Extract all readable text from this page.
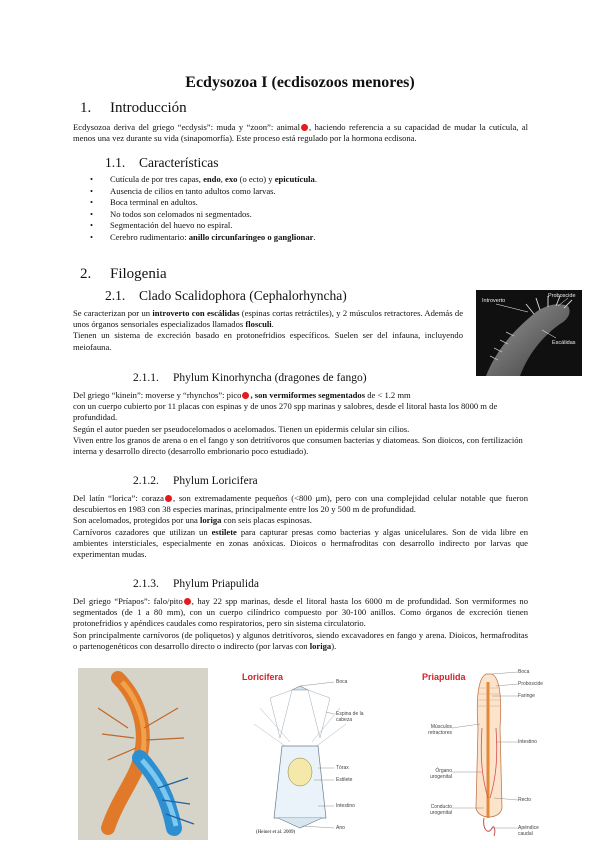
Ecdysozoa I (ecdisozoos menores)
1. Introducción
Ecdysozoa deriva del griego “ecdysis”: muda y “zoon”: animal , haciendo referencia a su capacidad de mudar la cutícula, al menos una vez durante su vida (sinapomorfía). Este proceso está regulado por la hormona ecdisona.
1.1. Características
• Cutícula de por tres capas, endo, exo (o ecto) y epicutícula.
• Ausencia de cilios en tanto adultos como larvas.
• Boca terminal en adultos.
• No todos son celomados ni segmentados.
• Segmentación del huevo no espiral.
• Cerebro rudimentario: anillo circunfaríngeo o ganglionar.
2. Filogenia
2.1. Clado Scalidophora (Cephalorhyncha)
Se caracterizan por un introverto con escálidas (espinas cortas retráctiles), y 2 músculos retractores. Además de unos órganos sensoriales especializados llamados flosculi.
Tienen un sistema de excreción basado en protonefridios específicos. Suelen ser del infauna, incluyendo meiofauna.
Introverto
Proboscide
Escálidas
2.1.1. Phylum Kinorhyncha (dragones de fango)
Del griego “kinein”: moverse y “rhynchos”: pico , son vermiformes segmentados de < 1.2 mm
con un cuerpo cubierto por 11 placas con espinas y de unos 270 spp marinas y salobres, desde el litoral hasta los 8000 m de profundidad.
Según el autor pueden ser pseudocelomados o acelomados. Tienen un epidermis celular sin cilios.
Viven entre los granos de arena o en el fango y son detritívoros que consumen bacterias y diatomeas. Son dioicos, con fertilización interna y desarrollo directo (desarrollo embrionario poco estudiado).
2.1.2. Phylum Loricifera
Del latín “lorica”: coraza , son extremadamente pequeños (<800 μm), pero con una complejidad celular notable que fueron descubiertos en 1983 con 38 especies marinas, principalmente entre los 20 y 500 m de profundidad.
Son acelomados, protegidos por una loriga con seis placas espinosas.
Carnívoros cazadores que utilizan un estilete para capturar presas como bacterias y algas unicelulares. Son de vida libre en ambientes intersticiales, especialmente en zonas anóxicas. Dioicos o hermafroditas con desarrollo indirecto por larvas que experimentan mudas.
2.1.3. Phylum Priapulida
Del griego “Príapos”: falo/pito , hay 22 spp marinas, desde el litoral hasta los 6000 m de profundidad. Son vermiformes no segmentados (de 1 a 80 mm), con un cuerpo cilíndrico compuesto por 30-100 anillos. Como órganos de excreción tienen protonefridios y apéndices caudales como respiratorios, pero sin sistema circulatorio.
Son principalmente carnívoros (de poliquetos) y algunos detritívoros, siendo excavadores en fango y arena. Dioicos, hermafroditas o partenogenéticos con desarrollo directo o indirecto (por larvas con loriga).
Loricifera	Boca
Espina de la cabeza
Tórax
Estilete
Intestino
Ano
(Heiner et al. 2009)
Priapulida	Boca
Proboscide
Faringe
Músculos retractores
Intestino
Órgano urogenital
Recto
Conducto urogenital
Apéndice caudal
